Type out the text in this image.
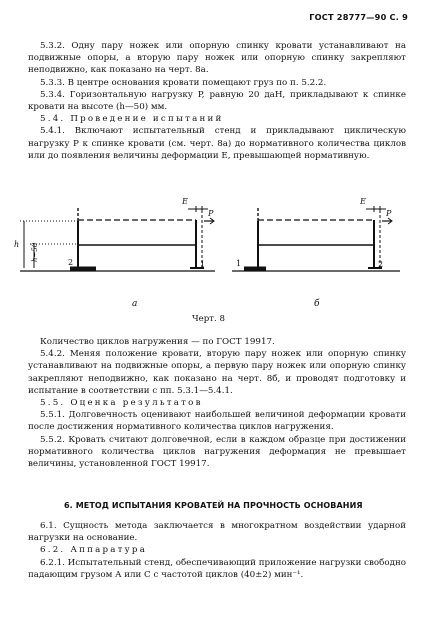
ГОСТ 28777—90 С. 9

5.3.2. Одну пару ножек или опорную спинку кровати устанавливают на подвижные опоры, а вторую пару ножек или опорную спинку закрепляют неподвижно, как показано на черт. 8а.

5.3.3. В центре основания кровати помещают груз по п. 5.2.2.

5.3.4. Горизонтальную нагрузку P, равную 20 даН, прикладывают к спинке кровати на высоте (h—50) мм.

5.4. Проведение испытаний

5.4.1. Включают испытательный стенд и прикладывают циклическую нагрузку P к спинке кровати (см. черт. 8а) до нормативного количества циклов или до появления величины деформации E, превышающей нормативную.

h h−50
2	1
E
P
1	2
E
P
а	б
Черт. 8

Количество циклов нагружения — по ГОСТ 19917.

5.4.2. Меняя положение кровати, вторую пару ножек или опорную спинку устанавливают на подвижные опоры, а первую пару ножек или опорную спинку закрепляют неподвижно, как показано на черт. 8б, и проводят подготовку и испытание в соответствии с пп. 5.3.1—5.4.1.

5.5. Оценка результатов

5.5.1. Долговечность оценивают наибольшей величиной деформации кровати после достижения нормативного количества циклов нагружения.

5.5.2. Кровать считают долговечной, если в каждом образце при достижении нормативного количества циклов нагружения деформация не превышает величины, установленной ГОСТ 19917.

6. МЕТОД ИСПЫТАНИЯ КРОВАТЕЙ НА ПРОЧНОСТЬ ОСНОВАНИЯ

6.1. Сущность метода заключается в многократном воздействии ударной нагрузки на основание.

6.2. Аппаратура

6.2.1. Испытательный стенд, обеспечивающий приложение нагрузки свободно падающим грузом A или C с частотой циклов (40±2) мин⁻¹.
